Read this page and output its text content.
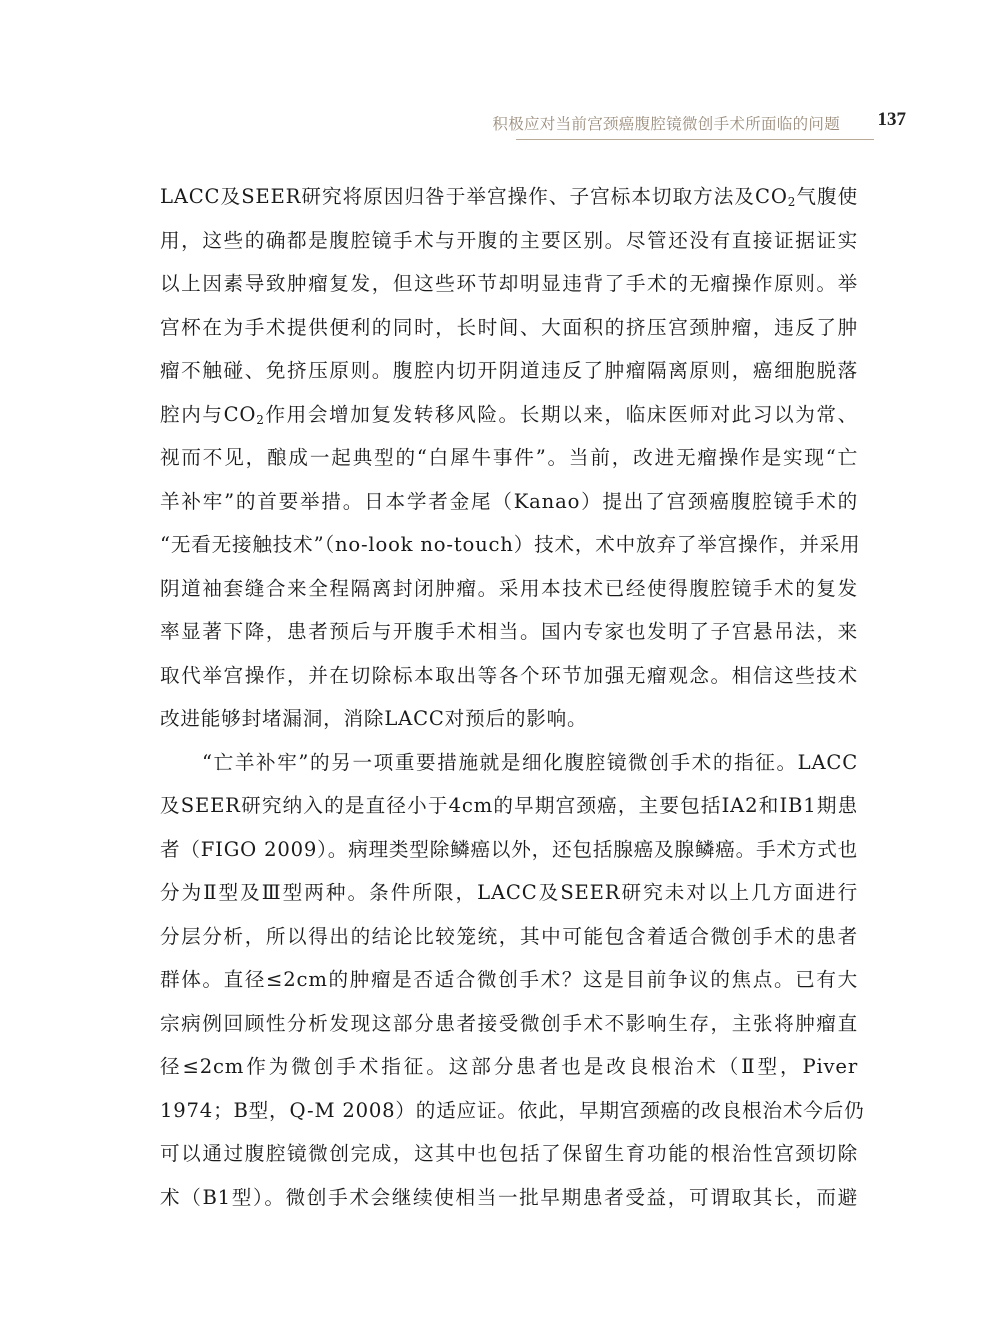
积极应对当前宫颈癌腹腔镜微创手术所面临的问题 137
LACC及SEER研究将原因归咎于举宫操作、子宫标本切取方法及$CO_2$气腹使
用，这些的确都是腹腔镜手术与开腹的主要区别。尽管还没有直接证据证实
以上因素导致肿瘤复发，但这些环节却明显违背了手术的无瘤操作原则。举
宫杯在为手术提供便利的同时，长时间、大面积的挤压宫颈肿瘤，违反了肿
瘤不触碰、免挤压原则。腹腔内切开阴道违反了肿瘤隔离原则，癌细胞脱落
腔内与$CO_2$作用会增加复发转移风险。长期以来，临床医师对此习以为常、
视而不见，酿成一起典型的“白犀牛事件”。当前，改进无瘤操作是实现“亡
羊补牢”的首要举措。日本学者金尾（Kanao）提出了宫颈癌腹腔镜手术的
“无看无接触技术”（no-look no-touch）技术，术中放弃了举宫操作，并采用
阴道袖套缝合来全程隔离封闭肿瘤。采用本技术已经使得腹腔镜手术的复发
率显著下降，患者预后与开腹手术相当。国内专家也发明了子宫悬吊法，来
取代举宫操作，并在切除标本取出等各个环节加强无瘤观念。相信这些技术
改进能够封堵漏洞，消除LACC对预后的影响。
“亡羊补牢”的另一项重要措施就是细化腹腔镜微创手术的指征。LACC
及SEER研究纳入的是直径小于4cm的早期宫颈癌，主要包括IA2和IB1期患
者（FIGO 2009）。病理类型除鳞癌以外，还包括腺癌及腺鳞癌。手术方式也
分为Ⅱ型及Ⅲ型两种。条件所限，LACC及SEER研究未对以上几方面进行
分层分析，所以得出的结论比较笼统，其中可能包含着适合微创手术的患者
群体。直径≤2cm的肿瘤是否适合微创手术？这是目前争议的焦点。已有大
宗病例回顾性分析发现这部分患者接受微创手术不影响生存，主张将肿瘤直
径≤2cm作为微创手术指征。这部分患者也是改良根治术（Ⅱ型，Piver
1974；B型，Q-M 2008）的适应证。依此，早期宫颈癌的改良根治术今后仍
可以通过腹腔镜微创完成，这其中也包括了保留生育功能的根治性宫颈切除
术（B1型）。微创手术会继续使相当一批早期患者受益，可谓取其长，而避
